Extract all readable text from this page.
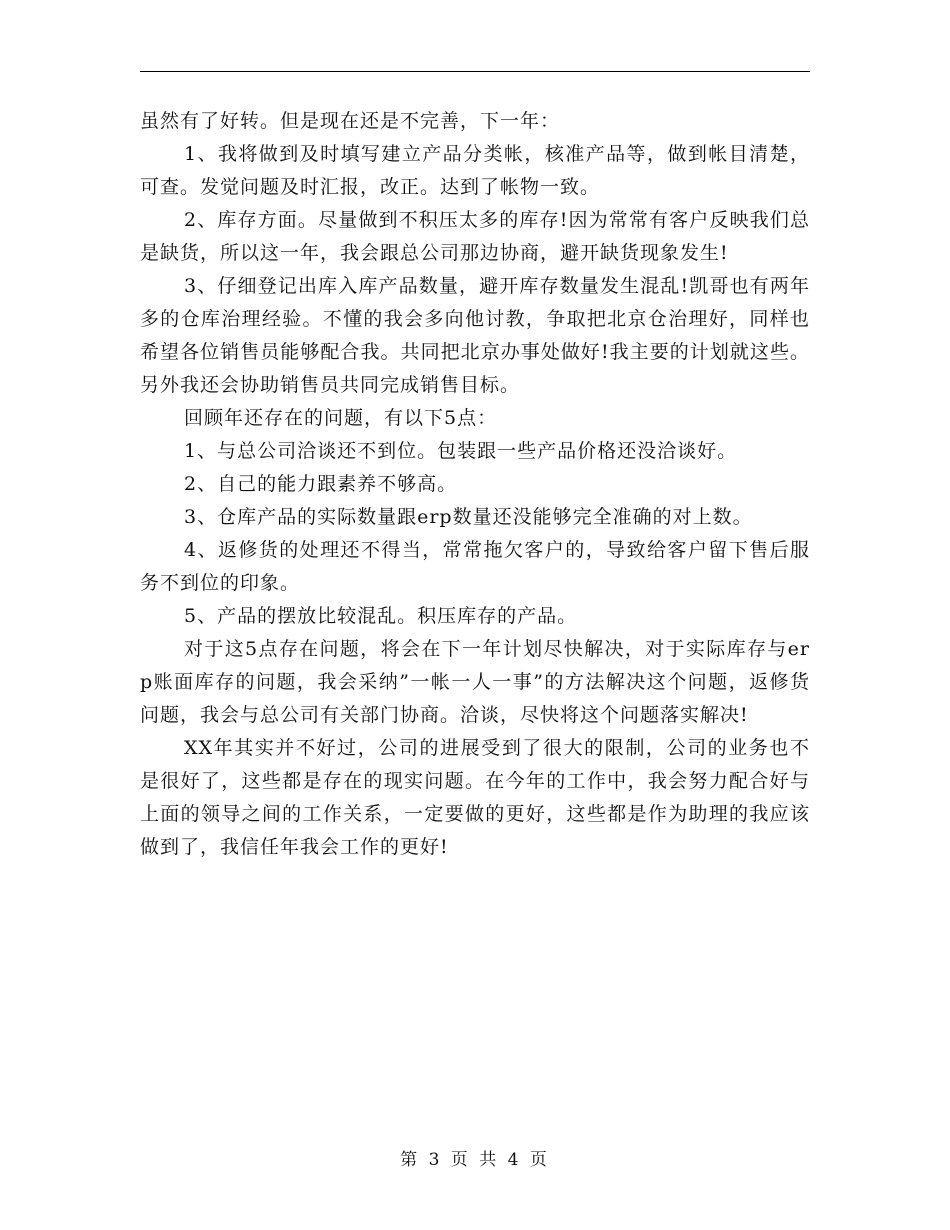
虽然有了好转。但是现在还是不完善，下一年：

1、我将做到及时填写建立产品分类帐，核准产品等，做到帐目清楚，可查。发觉问题及时汇报，改正。达到了帐物一致。

2、库存方面。尽量做到不积压太多的库存!因为常常有客户反映我们总是缺货，所以这一年，我会跟总公司那边协商，避开缺货现象发生!

3、仔细登记出库入库产品数量，避开库存数量发生混乱!凯哥也有两年多的仓库治理经验。不懂的我会多向他讨教，争取把北京仓治理好，同样也希望各位销售员能够配合我。共同把北京办事处做好!我主要的计划就这些。另外我还会协助销售员共同完成销售目标。

回顾年还存在的问题，有以下5点：

1、与总公司洽谈还不到位。包装跟一些产品价格还没洽谈好。

2、自己的能力跟素养不够高。

3、仓库产品的实际数量跟erp数量还没能够完全准确的对上数。

4、返修货的处理还不得当，常常拖欠客户的，导致给客户留下售后服务不到位的印象。

5、产品的摆放比较混乱。积压库存的产品。

对于这5点存在问题，将会在下一年计划尽快解决，对于实际库存与erp账面库存的问题，我会采纳”一帐一人一事”的方法解决这个问题，返修货问题，我会与总公司有关部门协商。洽谈，尽快将这个问题落实解决!

XX年其实并不好过，公司的进展受到了很大的限制，公司的业务也不是很好了，这些都是存在的现实问题。在今年的工作中，我会努力配合好与上面的领导之间的工作关系，一定要做的更好，这些都是作为助理的我应该做到了，我信任年我会工作的更好!

第 3 页 共 4 页
